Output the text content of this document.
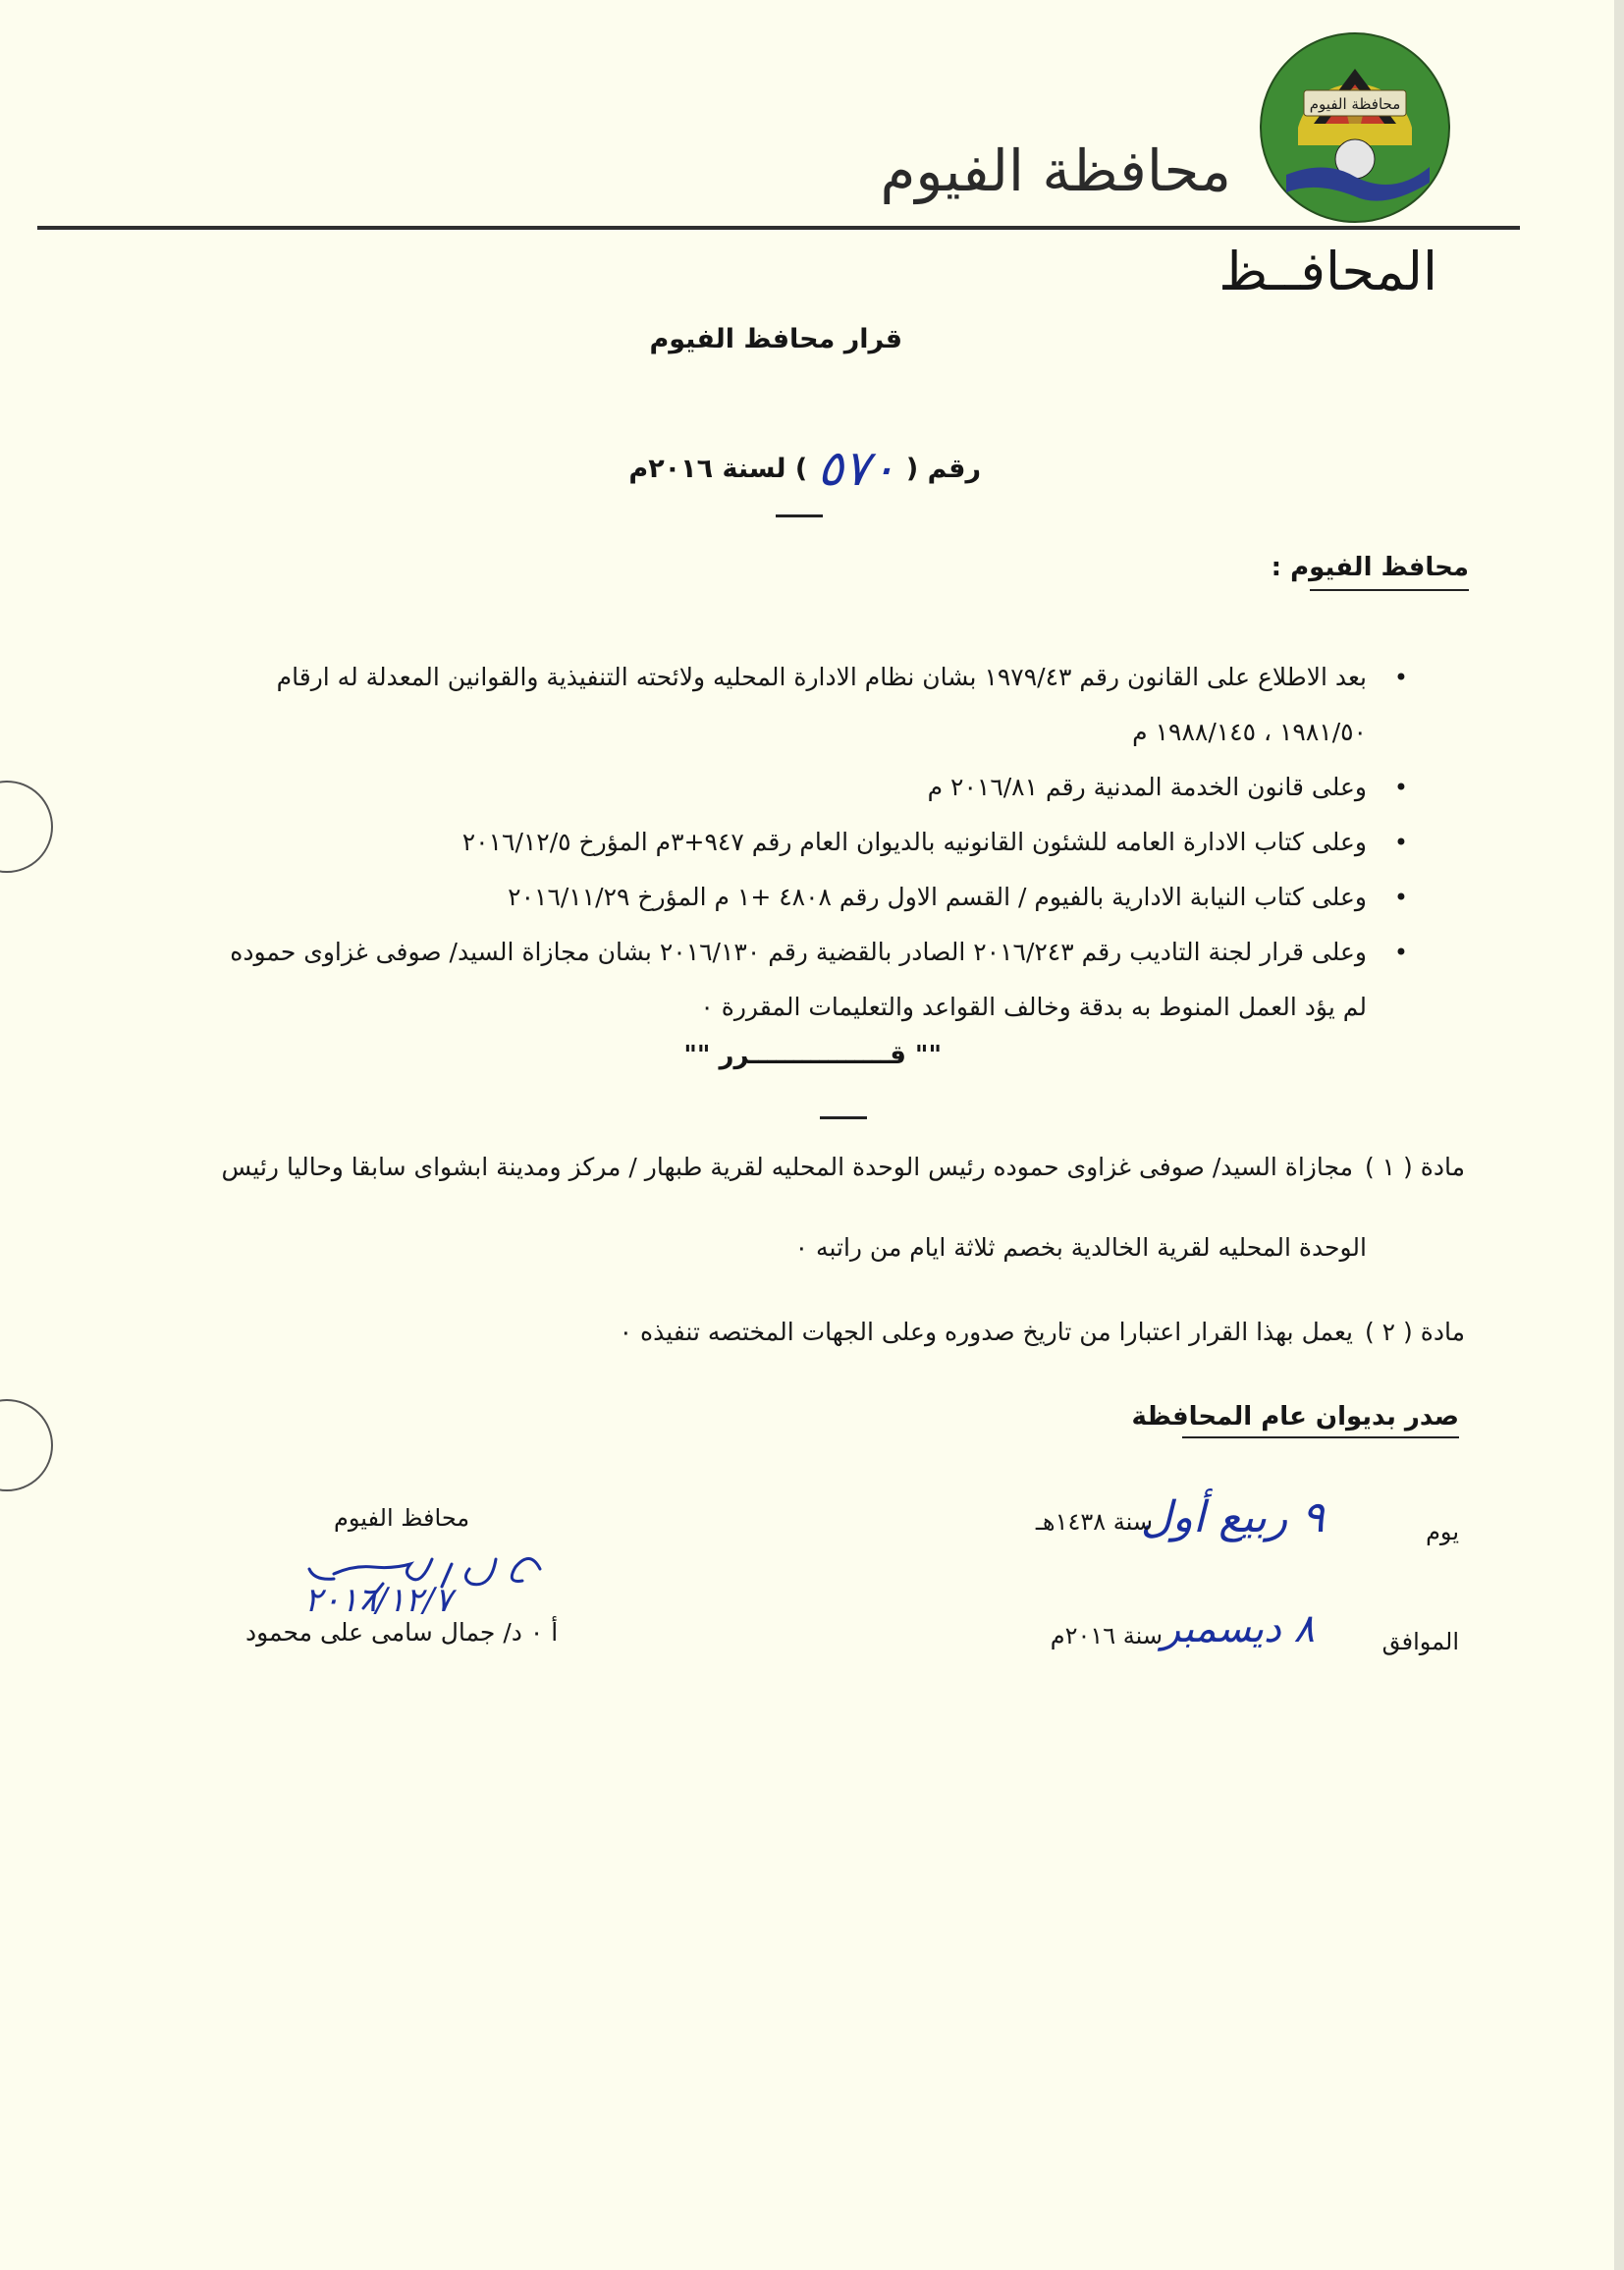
محافظة الفيوم
محافظة الفيوم
المحافــظ
قرار محافظ الفيوم
رقم (
٥٧٠
) لسنة ٢٠١٦م
محافظ الفيوم :
•
بعد الاطلاع على القانون رقم ١٩٧٩/٤٣ بشان نظام الادارة المحليه ولائحته التنفيذية والقوانين المعدلة له ارقام ١٩٨١/٥٠ ، ١٩٨٨/١٤٥ م
•
وعلى قانون الخدمة المدنية رقم ٢٠١٦/٨١ م
•
وعلى كتاب الادارة العامه للشئون القانونيه بالديوان العام رقم ٩٤٧+٣م المؤرخ ٢٠١٦/١٢/٥
•
وعلى كتاب النيابة الادارية بالفيوم / القسم الاول رقم ٤٨٠٨ +١ م المؤرخ ٢٠١٦/١١/٢٩
•
وعلى قرار لجنة التاديب رقم ٢٠١٦/٢٤٣ الصادر بالقضية رقم ٢٠١٦/١٣٠ بشان مجازاة السيد/ صوفى غزاوى حموده لم يؤد العمل المنوط به بدقة وخالف القواعد والتعليمات المقررة ٠
"" قــــــــــــــــرر ""
مادة ( ١ )
مجازاة السيد/ صوفى غزاوى حموده رئيس الوحدة المحليه لقرية طبهار / مركز ومدينة ابشواى سابقا وحاليا رئيس
الوحدة المحليه لقرية الخالدية بخصم ثلاثة ايام من راتبه ٠
مادة ( ٢ )
يعمل بهذا القرار اعتبارا من تاريخ صدوره وعلى الجهات المختصه تنفيذه ٠
صدر بديوان عام المحافظة
يوم
٩ ربيع أول
سنة ١٤٣٨هـ
الموافق
٨ ديسمبر
سنة ٢٠١٦م
محافظ الفيوم
٢٠١٦/١٢/٧
أ ٠ د/ جمال سامى على محمود
